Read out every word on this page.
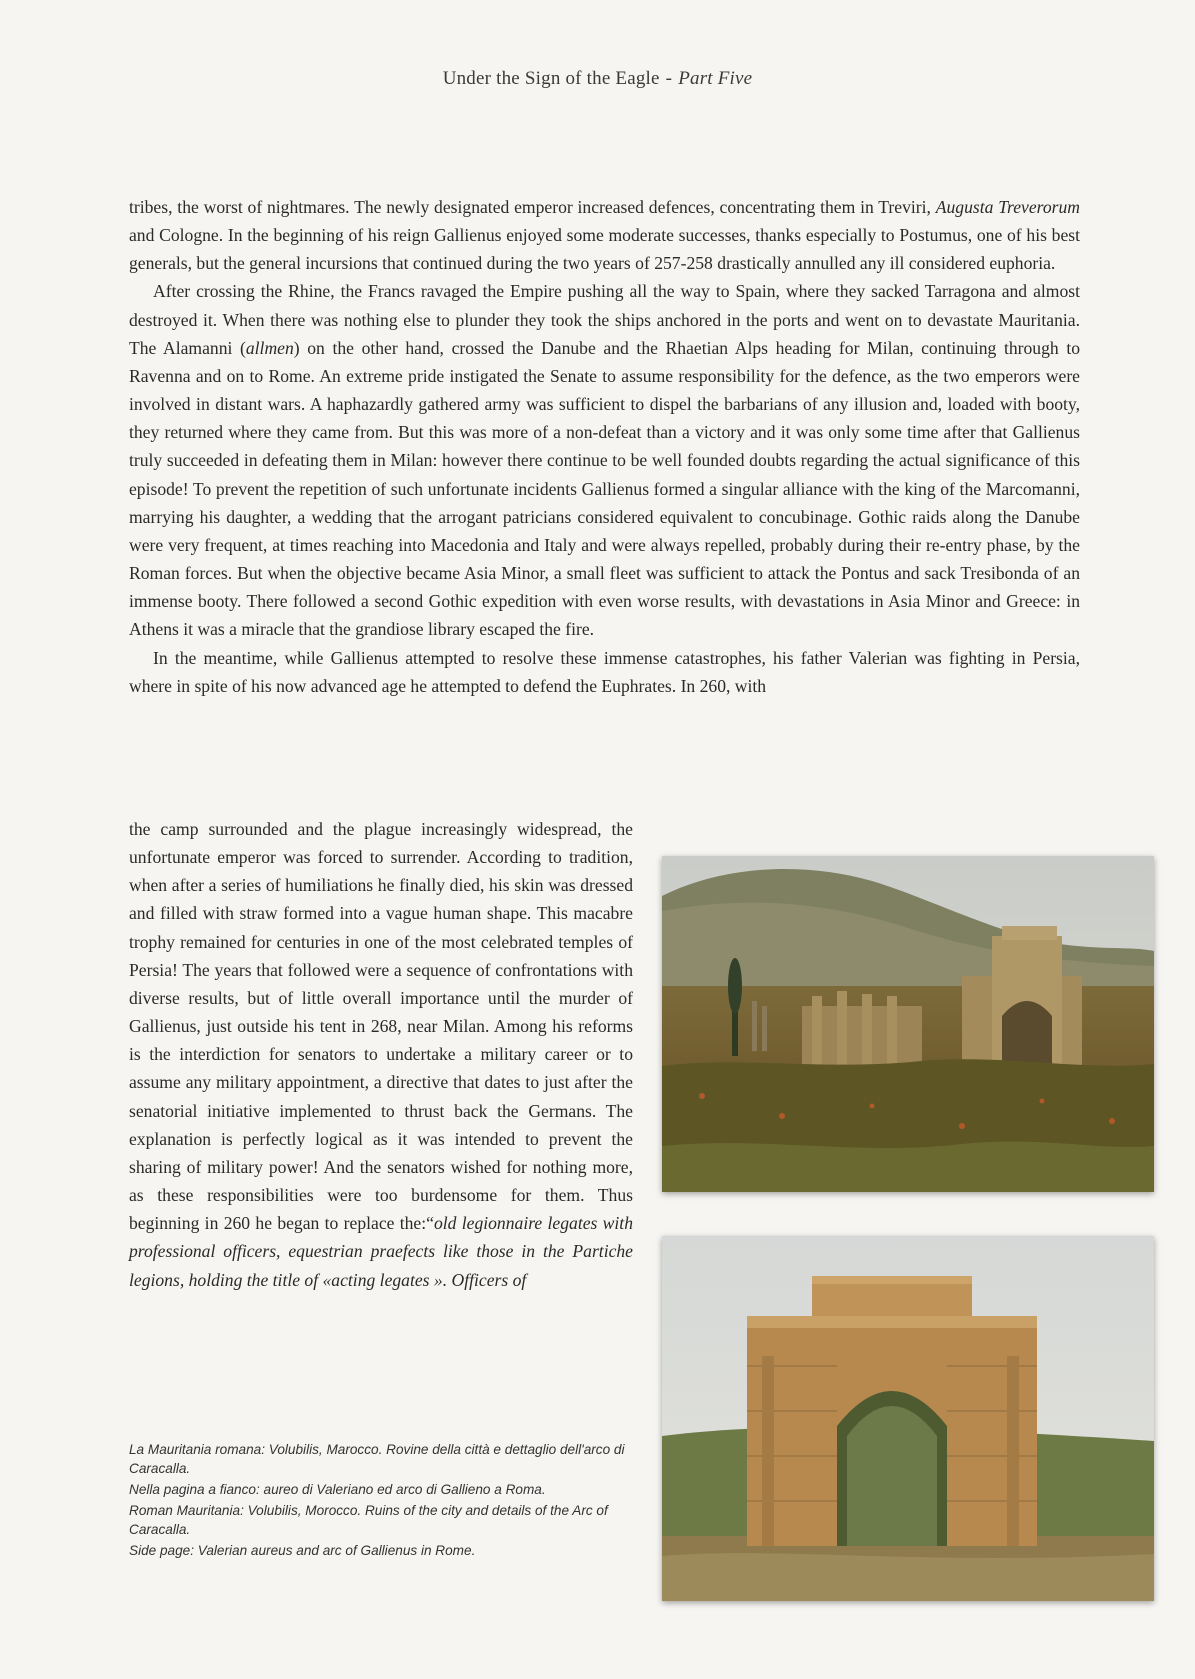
Under the Sign of the Eagle - Part Five

tribes, the worst of nightmares. The newly designated emperor increased defences, concentrating them in Treviri, Augusta Treverorum and Cologne. In the beginning of his reign Gallienus enjoyed some moderate successes, thanks especially to Postumus, one of his best generals, but the general incursions that continued during the two years of 257-258 drastically annulled any ill considered euphoria.

After crossing the Rhine, the Francs ravaged the Empire pushing all the way to Spain, where they sacked Tarragona and almost destroyed it. When there was nothing else to plunder they took the ships anchored in the ports and went on to devastate Mauritania. The Alamanni (allmen) on the other hand, crossed the Danube and the Rhaetian Alps heading for Milan, continuing through to Ravenna and on to Rome. An extreme pride instigated the Senate to assume responsibility for the defence, as the two emperors were involved in distant wars. A haphazardly gathered army was sufficient to dispel the barbarians of any illusion and, loaded with booty, they returned where they came from. But this was more of a non-defeat than a victory and it was only some time after that Gallienus truly succeeded in defeating them in Milan: however there continue to be well founded doubts regarding the actual significance of this episode! To prevent the repetition of such unfortunate incidents Gallienus formed a singular alliance with the king of the Marcomanni, marrying his daughter, a wedding that the arrogant patricians considered equivalent to concubinage. Gothic raids along the Danube were very frequent, at times reaching into Macedonia and Italy and were always repelled, probably during their re-entry phase, by the Roman forces. But when the objective became Asia Minor, a small fleet was sufficient to attack the Pontus and sack Tresibonda of an immense booty. There followed a second Gothic expedition with even worse results, with devastations in Asia Minor and Greece: in Athens it was a miracle that the grandiose library escaped the fire.

In the meantime, while Gallienus attempted to resolve these immense catastrophes, his father Valerian was fighting in Persia, where in spite of his now advanced age he attempted to defend the Euphrates. In 260, with

the camp surrounded and the plague increasingly widespread, the unfortunate emperor was forced to surrender. According to tradition, when after a series of humiliations he finally died, his skin was dressed and filled with straw formed into a vague human shape. This macabre trophy remained for centuries in one of the most celebrated temples of Persia! The years that followed were a sequence of confrontations with diverse results, but of little overall importance until the murder of Gallienus, just outside his tent in 268, near Milan. Among his reforms is the interdiction for senators to undertake a military career or to assume any military appointment, a directive that dates to just after the senatorial initiative implemented to thrust back the Germans. The explanation is perfectly logical as it was intended to prevent the sharing of military power! And the senators wished for nothing more, as these responsibilities were too burdensome for them. Thus beginning in 260 he began to replace the:“old legionnaire legates with professional officers, equestrian praefects like those in the Partiche legions, holding the title of «acting legates ». Officers of

La Mauritania romana: Volubilis, Marocco. Rovine della città e dettaglio dell'arco di Caracalla.

Nella pagina a fianco: aureo di Valeriano ed arco di Gallieno a Roma.

Roman Mauritania: Volubilis, Morocco. Ruins of the city and details of the Arc of Caracalla.

Side page: Valerian aureus and arc of Gallienus in Rome.
